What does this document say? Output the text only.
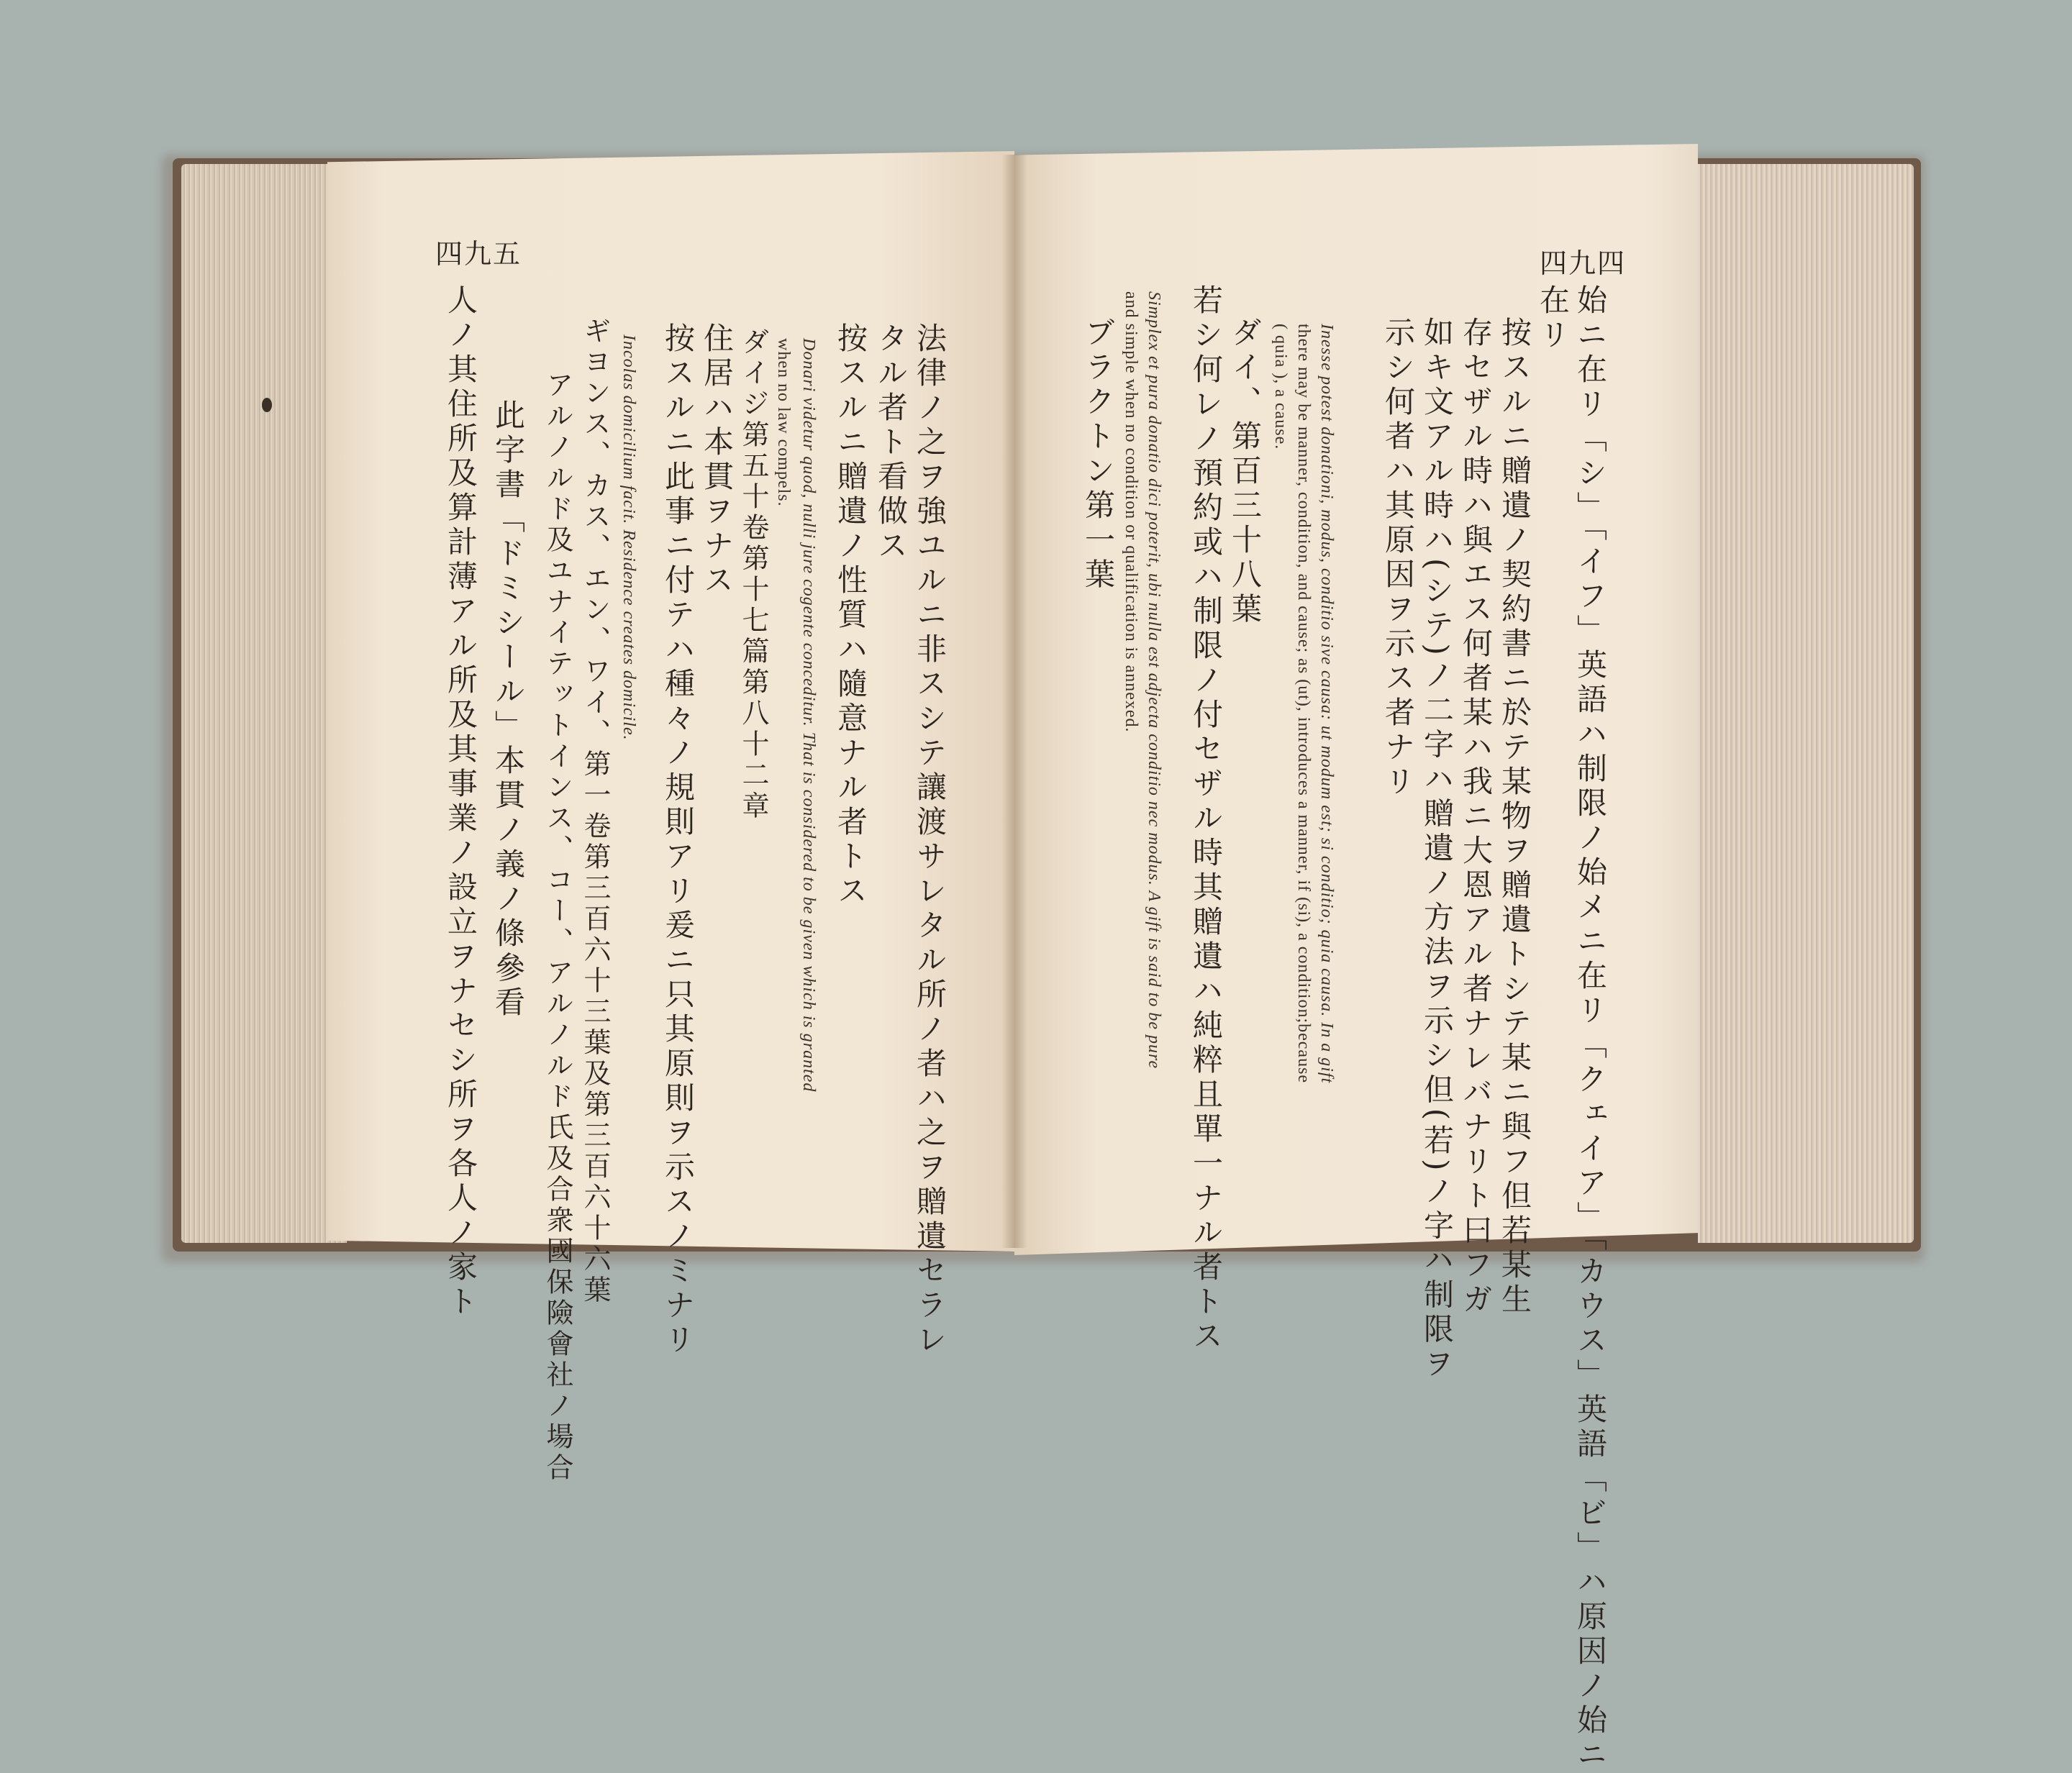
四九五	四九四
法律ノ之ヲ強ユルニ非スシテ讓渡サレタル所ノ者ハ之ヲ贈遺セラレ
タル者ト看做ス
按スルニ贈遺ノ性質ハ隨意ナル者トス
Donari videtur quod, nulli jure cogente conceditur. That is considered to be given which is granted
when no law compels.
ダイジ第五十卷第十七篇第八十二章
住居ハ本貫ヲナス
按スルニ此事ニ付テハ種々ノ規則アリ爰ニ只其原則ヲ示スノミナリ
Incolas domicilium facit. Residence creates domicile.
ギヨンス、カス、エン、ワイ、第一卷第三百六十三葉及第三百六十六葉
アルノルド及ユナイテットインス、コー、アルノルド氏及合衆國保險會社ノ場合
此字書「ドミシール」本貫ノ義ノ條參看
人ノ其住所及算計薄アル所及其事業ノ設立ヲナセシ所ヲ各人ノ家ト	始ニ在リ「シ」「イフ」英語ハ制限ノ始メニ在リ「クェイア」「カウス」英語「ビ」ハ原因ノ始ニ
在リ
按スルニ贈遺ノ契約書ニ於テ某物ヲ贈遺トシテ某ニ與フ但若某生
存セザル時ハ與エス何者某ハ我ニ大恩アル者ナレバナリト曰フガ
如キ文アル時ハ(シテ)ノ二字ハ贈遺ノ方法ヲ示シ但(若)ノ字ハ制限ヲ
示シ何者ハ其原因ヲ示ス者ナリ
Inesse potest donationi, modus, conditio sive causa: ut modum est; si conditio; quia causa. In a gift
there may be manner, condition, and cause; as (ut), introduces a manner, if (si), a condition;because
( quia ), a cause.
ダイ、第百三十八葉
若シ何レノ預約或ハ制限ノ付セザル時其贈遺ハ純粹且單一ナル者トス
Simplex et pura donatio dici poterit, ubi nulla est adjecta conditio nec modus. A gift is said to be pure
and simple when no condition or qualification is annexed.
ブラクトン第一葉
